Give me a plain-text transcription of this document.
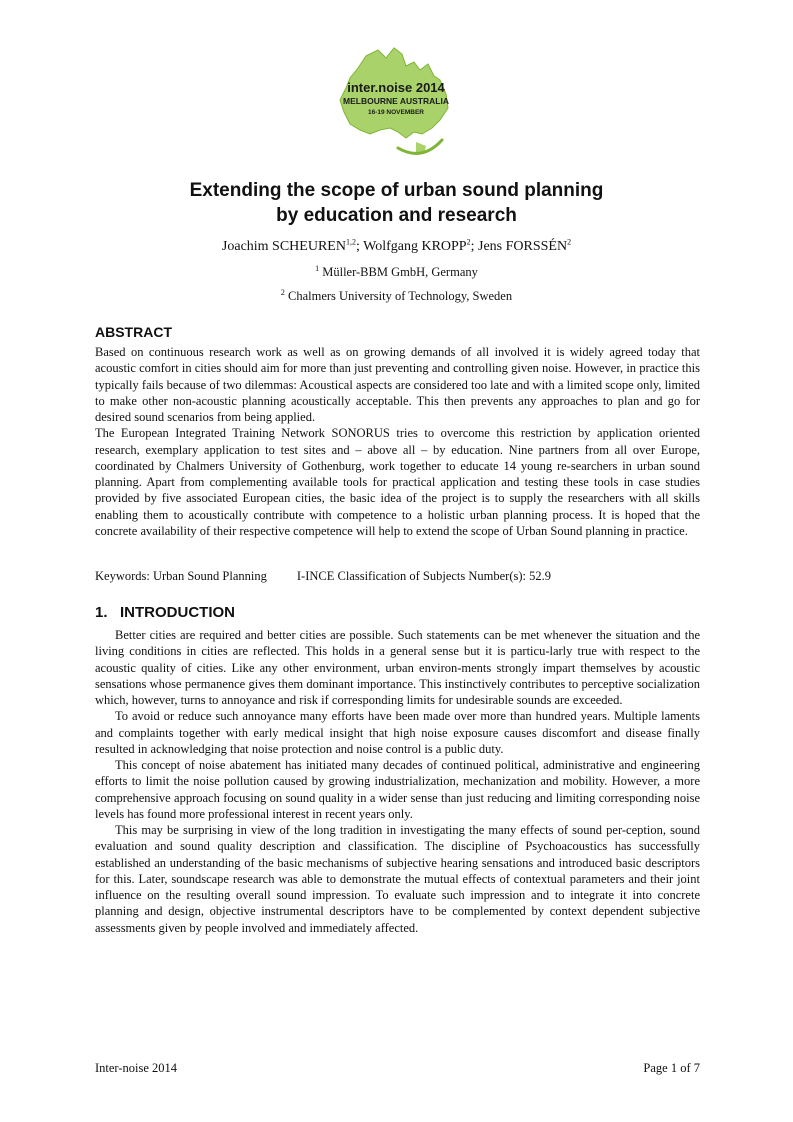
inter.noise 2014
MELBOURNE AUSTRALIA
16-19 NOVEMBER
Extending the scope of urban sound planning
by education and research
Joachim SCHEUREN$^{1,2}$; Wolfgang KROPP$^2$; Jens FORSSÉN$^2$
$^1$ Müller-BBM GmbH, Germany
$^2$ Chalmers University of Technology, Sweden
ABSTRACT

Based on continuous research work as well as on growing demands of all involved it is widely agreed today that acoustic comfort in cities should aim for more than just preventing and controlling given noise. However, in practice this typically fails because of two dilemmas: Acoustical aspects are considered too late and with a limited scope only, limited to make other non-acoustic planning acoustically acceptable. This then prevents any approaches to plan and go for desired sound scenarios from being applied.

The European Integrated Training Network SONORUS tries to overcome this restriction by application oriented research, exemplary application to test sites and – above all – by education. Nine partners from all over Europe, coordinated by Chalmers University of Gothenburg, work together to educate 14 young re-searchers in urban sound planning. Apart from complementing available tools for practical application and testing these tools in case studies provided by five associated European cities, the basic idea of the project is to supply the researchers with all skills enabling them to acoustically contribute with competence to a holistic urban planning process. It is hoped that the concrete availability of their respective competence will help to extend the scope of Urban Sound planning in practice.

Keywords: Urban Sound Planning I-INCE Classification of Subjects Number(s): 52.9
1.   INTRODUCTION

Better cities are required and better cities are possible. Such statements can be met whenever the situation and the living conditions in cities are reflected. This holds in a general sense but it is particu-larly true with respect to the acoustic quality of cities. Like any other environment, urban environ-ments strongly impart themselves by acoustic sensations whose permanence gives them dominant importance. This instinctively contributes to perceptive socialization which, however, turns to annoyance and risk if corresponding limits for undesirable sounds are exceeded.

To avoid or reduce such annoyance many efforts have been made over more than hundred years. Multiple laments and complaints together with early medical insight that high noise exposure causes discomfort and disease finally resulted in acknowledging that noise protection and noise control is a public duty.

This concept of noise abatement has initiated many decades of continued political, administrative and engineering efforts to limit the noise pollution caused by growing industrialization, mechanization and mobility. However, a more comprehensive approach focusing on sound quality in a wider sense than just reducing and limiting corresponding noise levels has found more professional interest in recent years only.

This may be surprising in view of the long tradition in investigating the many effects of sound per-ception, sound evaluation and sound quality description and classification. The discipline of Psychoacoustics has successfully established an understanding of the basic mechanisms of subjective hearing sensations and introduced basic descriptors for this. Later, soundscape research was able to demonstrate the mutual effects of contextual parameters and their joint influence on the resulting overall sound impression. To evaluate such impression and to integrate it into concrete planning and design, objective instrumental descriptors have to be complemented by context dependent subjective assessments given by people involved and immediately affected.

Inter-noise 2014	Page 1 of 7
